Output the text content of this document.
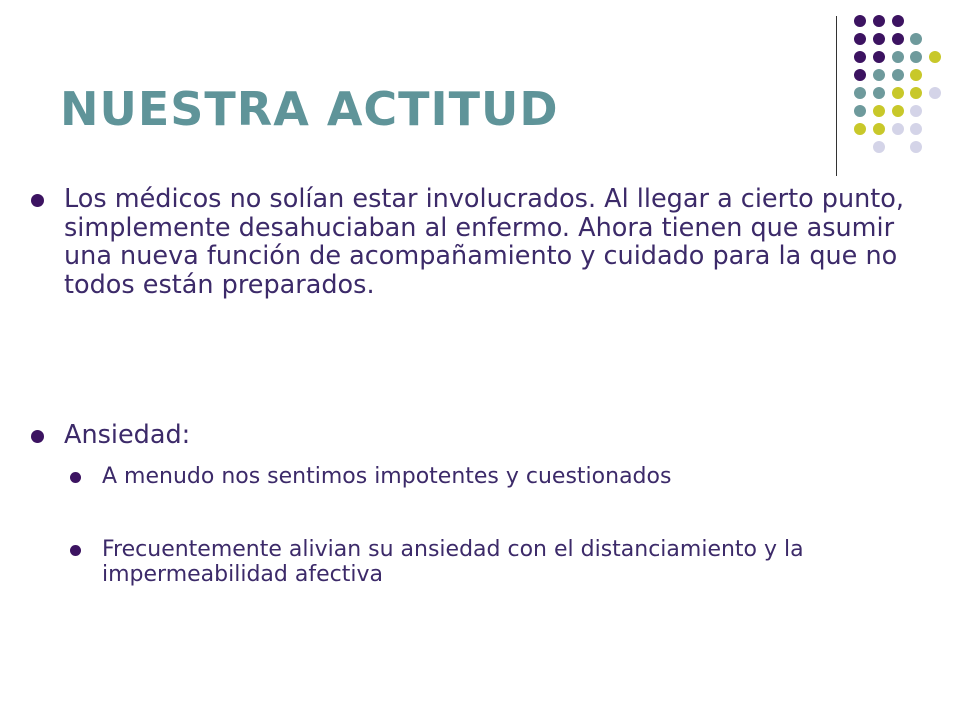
NUESTRA ACTITUD

Los médicos no solían estar involucrados. Al llegar a cierto punto, simplemente desahuciaban al enfermo. Ahora tienen que asumir una nueva función de acompañamiento y cuidado para la que no todos están preparados.

Ansiedad:

A menudo nos sentimos impotentes y cuestionados

Frecuentemente alivian su ansiedad con el distanciamiento y la impermeabilidad afectiva
